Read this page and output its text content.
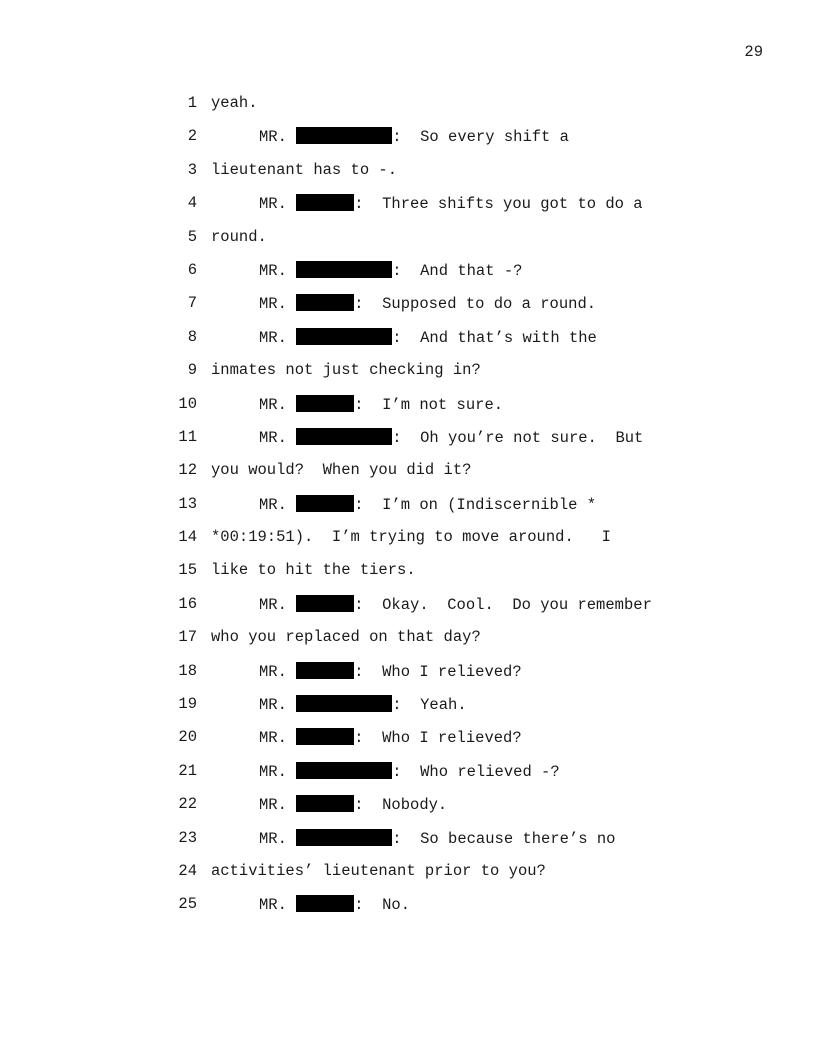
29
1 yeah.
2	MR.	:  So every shift a
3 lieutenant has to -.
4	MR.	:  Three shifts you got to do a
5 round.
6	MR.	:  And that -?
7	MR.	:  Supposed to do a round.
8	MR.	:  And that’s with the
9 inmates not just checking in?
10	MR.	:  I’m not sure.
11	MR.	:  Oh you’re not sure.  But
12 you would?  When you did it?
13	MR.	:  I’m on (Indiscernible *
14 *00:19:51).  I’m trying to move around.   I
15 like to hit the tiers.
16	MR.	:  Okay.  Cool.  Do you remember
17 who you replaced on that day?
18	MR.	:  Who I relieved?
19	MR.	:  Yeah.
20	MR.	:  Who I relieved?
21	MR.	:  Who relieved -?
22	MR.	:  Nobody.
23	MR.	:  So because there’s no
24 activities’ lieutenant prior to you?
25	MR.	:  No.
